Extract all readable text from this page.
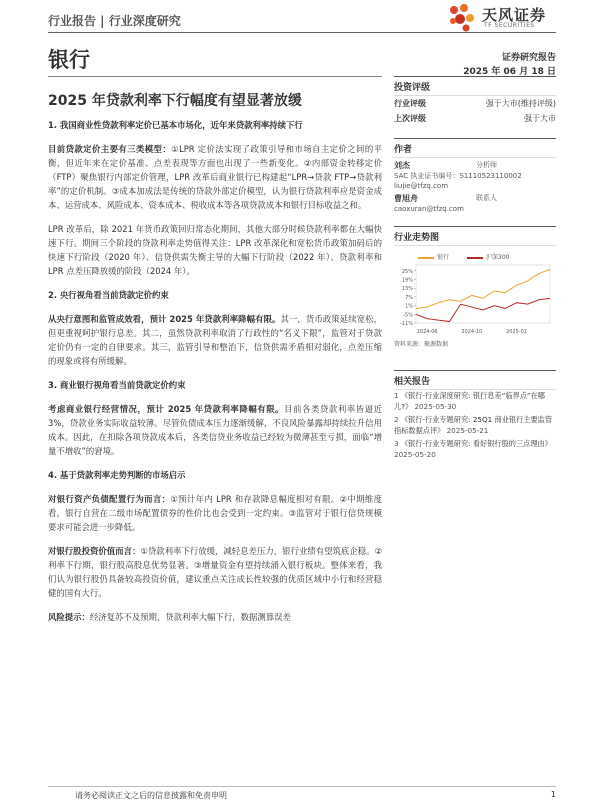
行业报告 | 行业深度研究	天风证券
TF SECURITIES
银行	证券研究报告
2025 年 06 月 18 日
2025 年贷款利率下行幅度有望显著放缓
1. 我国商业性贷款利率定价已基本市场化，近年来贷款利率持续下行

目前贷款定价主要有三类模型：①LPR 定价法实现了政策引导和市场自主定价之间的平衡，但近年来在定价基准、点差表现等方面也出现了一些新变化。②内部资金转移定价（FTP）聚焦银行内部定价管理，LPR 改革后商业银行已构建起“LPR→贷款 FTP→贷款利率”的定价机制。③成本加成法是传统的贷款外部定价模型，认为银行贷款利率应是资金成本、运营成本、风险成本、资本成本、税收成本等各项贷款成本和银行目标收益之和。

LPR 改革后，除 2021 年货币政策回归常态化期间，其他大部分时候贷款利率都在大幅快速下行。期间三个阶段的贷款利率走势值得关注：LPR 改革深化和宽松货币政策加码后的快速下行阶段（2020 年）、信贷供需失衡主导的大幅下行阶段（2022 年）、贷款利率和 LPR 点差压降放缓的阶段（2024 年）。

2. 央行视角看当前贷款定价约束

从央行意图和监管成效看，预计 2025 年贷款利率降幅有限。其一，货币政策延续宽松，但更重视呵护银行息差。其二，虽然贷款利率取消了行政性的“名义下限”，监管对于贷款定价仍有一定的自律要求。其三，监管引导和整治下，信贷供需矛盾相对弱化，点差压缩的现象或将有所缓解。

3. 商业银行视角看当前贷款定价约束

考虑商业银行经营情况，预计 2025 年贷款利率降幅有限。目前各类贷款利率皆逼近 3%，贷款业务实际收益较薄。尽管负债成本压力逐渐缓解，不良风险暴露却持续拉升信用成本。因此，在扣除各项贷款成本后，各类信贷业务收益已经较为微薄甚至亏损，面临“增量不增收”的窘境。

4. 基于贷款利率走势判断的市场启示

对银行资产负债配置行为而言：①预计年内 LPR 和存款降息幅度相对有限。②中期维度看，银行自营在二级市场配置债券的性价比也会受到一定约束。③监管对于银行信贷规模要求可能会进一步降低。

对银行股投资价值而言：①贷款利率下行放缓，减轻息差压力，银行业绩有望筑底企稳。②利率下行期，银行股高股息优势显著。③增量资金有望持续涌入银行板块。整体来看，我们认为银行股仍具备较高投资价值，建议重点关注成长性较强的优质区域中小行和经营稳健的国有大行。

风险提示：经济复苏不及预期，贷款利率大幅下行，数据测算误差

投资评级
行业评级	强于大市(维持评级)
上次评级	强于大市
作者
刘杰	分析师
SAC 执业证书编号：S1110523110002
liujie@tfzq.com
曹旭舟	联系人
caoxuran@tfzq.com
行业走势图
银行	沪深300
25%
19%
13%
7%
1%
-5%
-11%
2024-06	2024-10	2025-02
资料来源：聚源数据
相关报告
1 《银行-行业深度研究: 银行息差“临界点”在哪儿?》 2025-05-30
2 《银行-行业专题研究: 25Q1 商业银行主要监管指标数据点评》 2025-05-21
3 《银行-行业专题研究: 看好银行股的三点理由》 2025-05-20
请务必阅读正文之后的信息披露和免责申明	1
